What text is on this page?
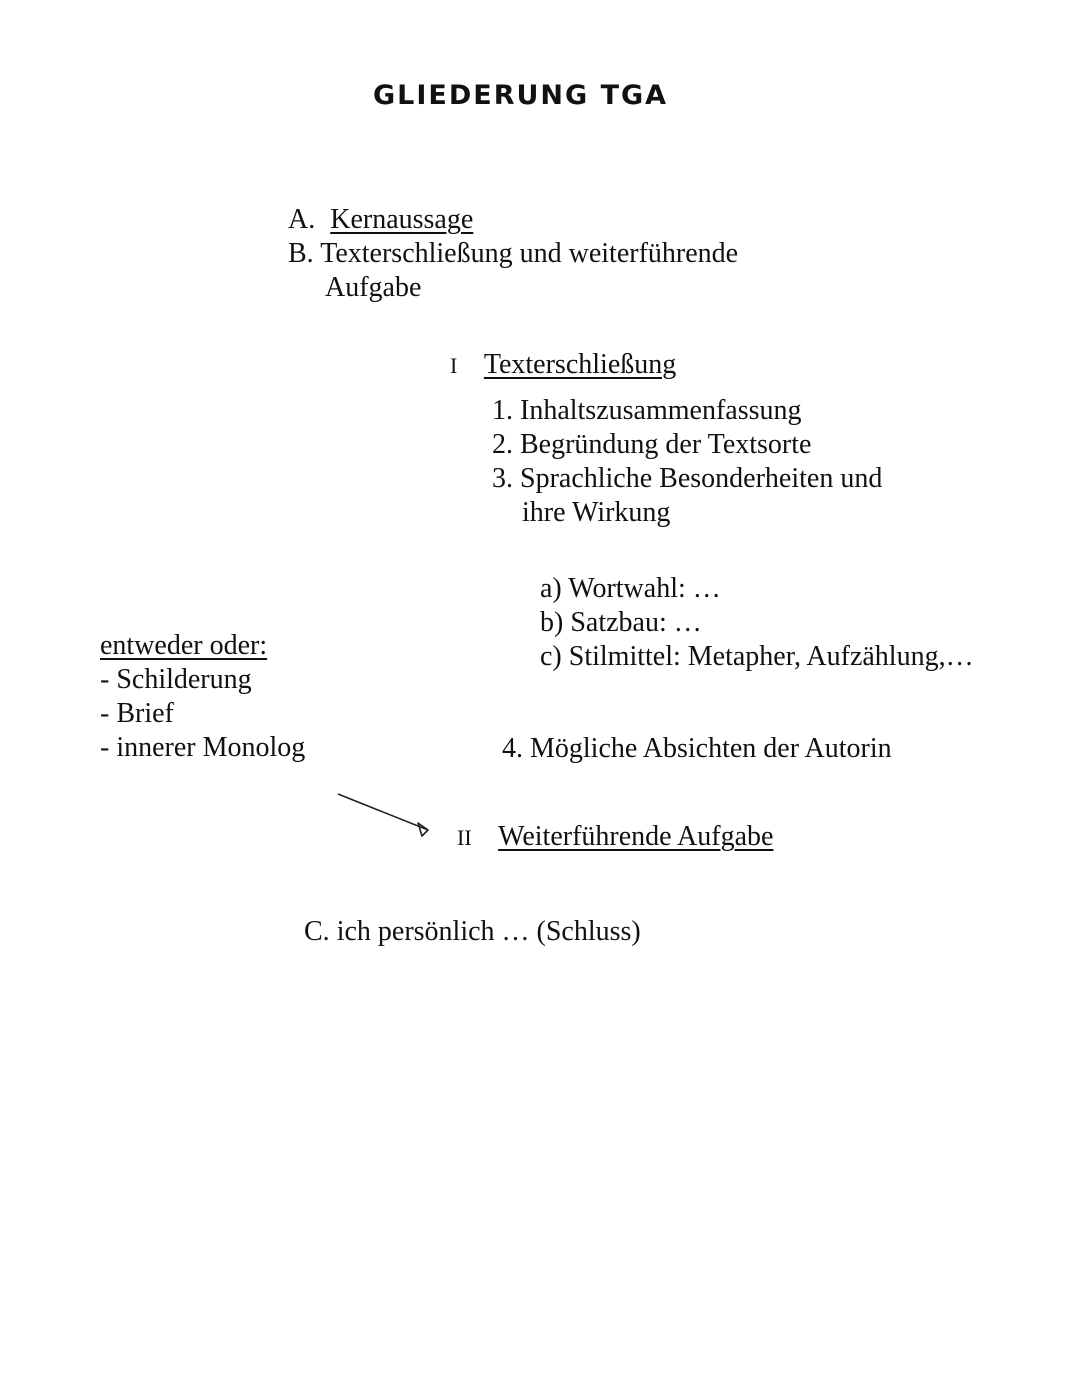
GLIEDERUNG TGA
A. Kernaussage
B. Texterschließung und weiterführende
Aufgabe
I Texterschließung
1. Inhaltszusammenfassung
2. Begründung der Textsorte
3. Sprachliche Besonderheiten und
ihre Wirkung
a) Wortwahl: …
b) Satzbau: …
c) Stilmittel: Metapher, Aufzählung,…
entweder oder:
- Schilderung
- Brief
- innerer Monolog	4. Mögliche Absichten der Autorin
II Weiterführende Aufgabe
C. ich persönlich … (Schluss)
